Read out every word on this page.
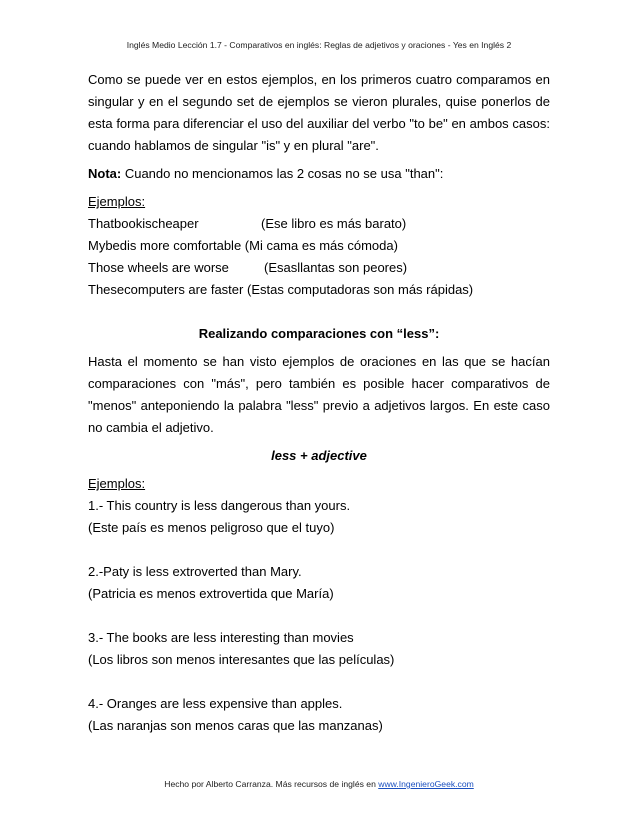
Inglés Medio Lección 1.7 - Comparativos en inglés: Reglas de adjetivos y oraciones - Yes en Inglés 2

Como se puede ver en estos ejemplos, en los primeros cuatro comparamos en singular y en el segundo set de ejemplos se vieron plurales, quise ponerlos de esta forma para diferenciar el uso del auxiliar del verbo "to be" en ambos casos: cuando hablamos de singular "is" y en plural "are".

Nota: Cuando no mencionamos las 2 cosas no se usa "than":

Ejemplos:
Thatbookischeaper	(Ese libro es más barato)
Mybedis more comfortable
(Mi cama es más cómoda)
Those wheels are worse	(Esasllantas son peores)
Thesecomputers are faster
(Estas computadoras son más rápidas)
Realizando comparaciones con “less”:

Hasta el momento se han visto ejemplos de oraciones en las que se hacían comparaciones con "más", pero también es posible hacer comparativos de "menos" anteponiendo la palabra "less" previo a adjetivos largos. En este caso no cambia el adjetivo.

less + adjective
Ejemplos:
1.- This country is less dangerous than yours.
(Este país es menos peligroso que el tuyo)
2.-Paty is less extroverted than Mary.
(Patricia es menos extrovertida que María)
3.- The books are less interesting than movies
(Los libros son menos interesantes que las películas)
4.- Oranges are less expensive than apples.
(Las naranjas son menos caras que las manzanas)
Hecho por Alberto Carranza. Más recursos de inglés en www.IngenieroGeek.com
